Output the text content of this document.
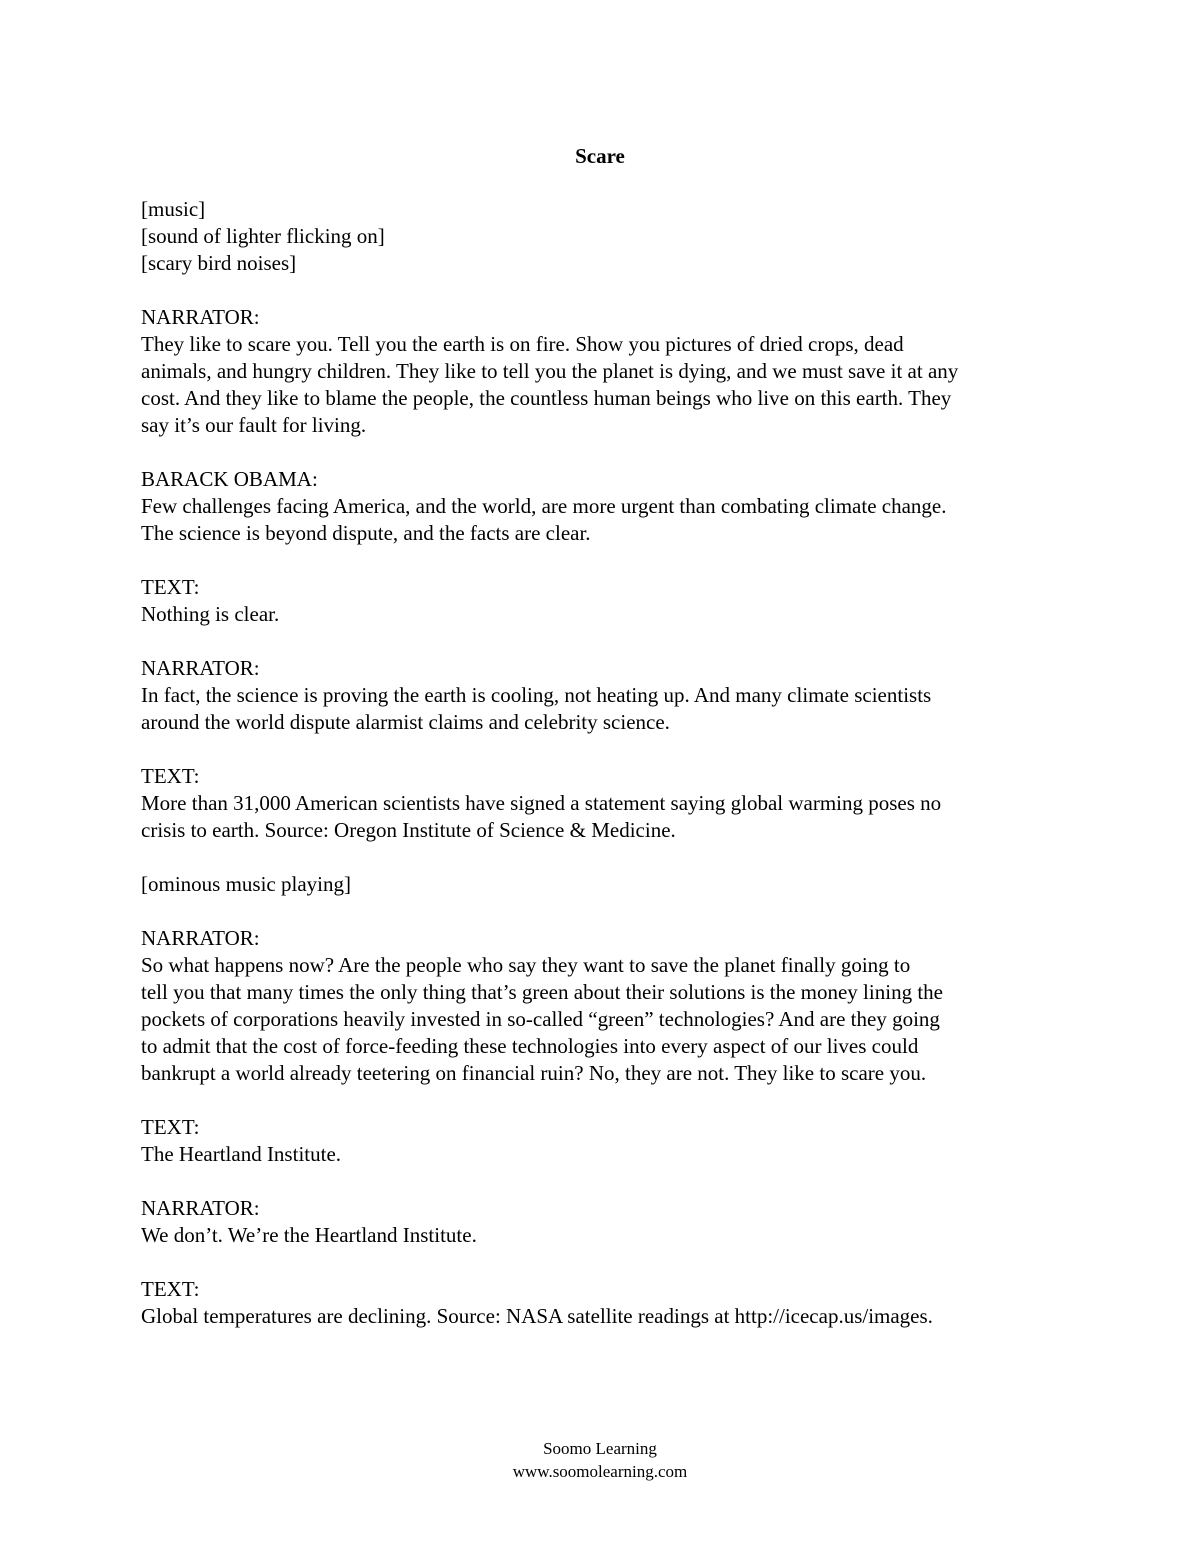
Scare
[music]
[sound of lighter flicking on]
[scary bird noises]
NARRATOR:
They like to scare you. Tell you the earth is on fire. Show you pictures of dried crops, dead
animals, and hungry children. They like to tell you the planet is dying, and we must save it at any
cost. And they like to blame the people, the countless human beings who live on this earth. They
say it’s our fault for living.
BARACK OBAMA:
Few challenges facing America, and the world, are more urgent than combating climate change.
The science is beyond dispute, and the facts are clear.
TEXT:
Nothing is clear.
NARRATOR:
In fact, the science is proving the earth is cooling, not heating up. And many climate scientists
around the world dispute alarmist claims and celebrity science.
TEXT:
More than 31,000 American scientists have signed a statement saying global warming poses no
crisis to earth. Source: Oregon Institute of Science & Medicine.
[ominous music playing]
NARRATOR:
So what happens now? Are the people who say they want to save the planet finally going to
tell you that many times the only thing that’s green about their solutions is the money lining the
pockets of corporations heavily invested in so-called “green” technologies? And are they going
to admit that the cost of force-feeding these technologies into every aspect of our lives could
bankrupt a world already teetering on financial ruin? No, they are not. They like to scare you.
TEXT:
The Heartland Institute.
NARRATOR:
We don’t. We’re the Heartland Institute.
TEXT:
Global temperatures are declining. Source: NASA satellite readings at http://icecap.us/images.
Soomo Learning
www.soomolearning.com
